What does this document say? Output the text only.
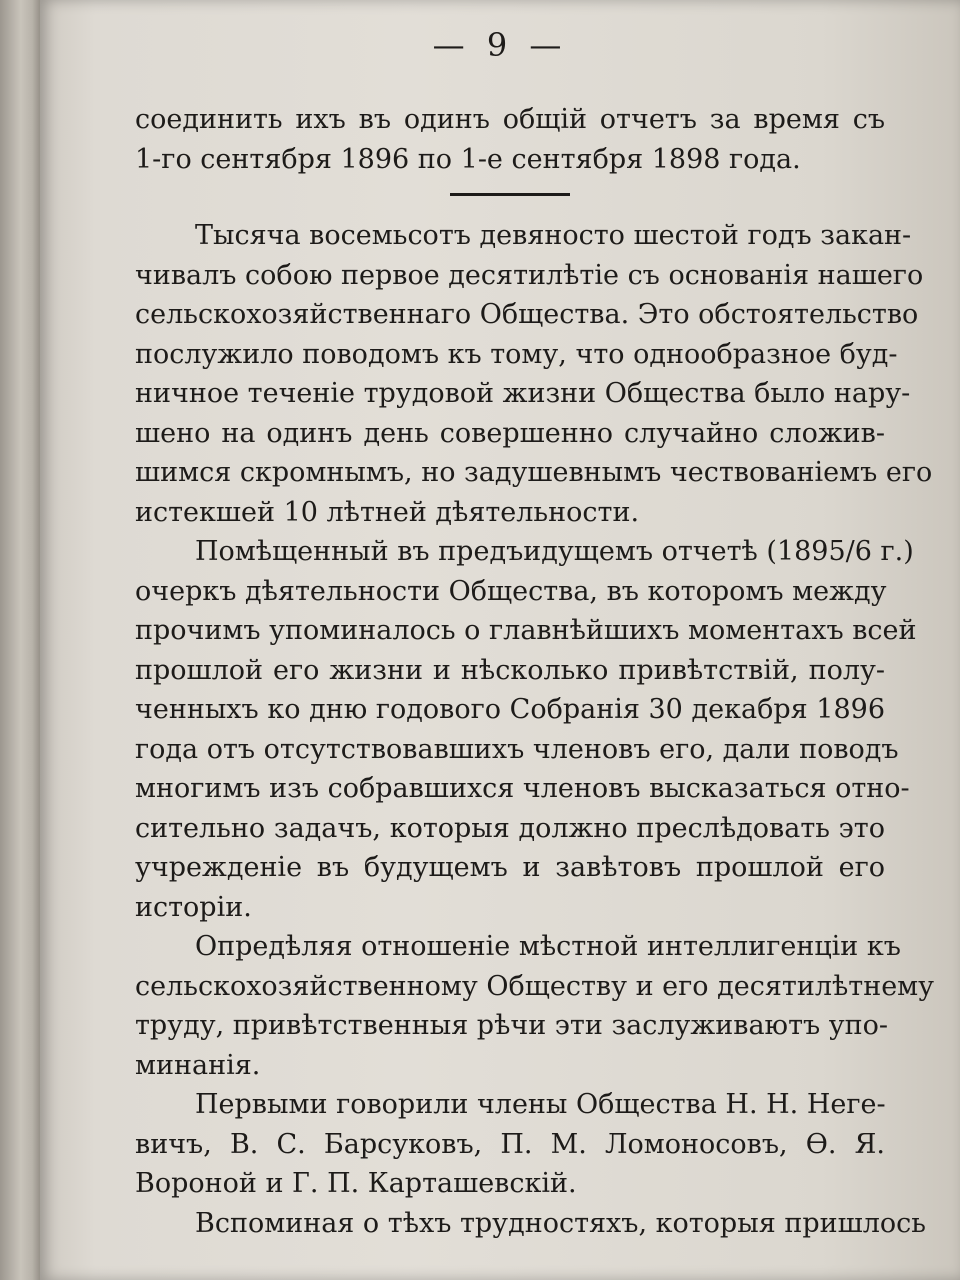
— 9 —
соединить ихъ въ одинъ общій отчетъ за время съ
1-го сентября 1896 по 1-е сентября 1898 года.
Тысяча восемьсотъ девяносто шестой годъ закан-
чивалъ собою первое десятилѣтіе съ основанія нашего
сельскохозяйственнаго Общества. Это обстоятельство
послужило поводомъ къ тому, что однообразное буд-
ничное теченіе трудовой жизни Общества было нару-
шено на одинъ день совершенно случайно сложив-
шимся скромнымъ, но задушевнымъ чествованіемъ его
истекшей 10 лѣтней дѣятельности.
Помѣщенный въ предъидущемъ отчетѣ (1895/6 г.)
очеркъ дѣятельности Общества, въ которомъ между
прочимъ упоминалось о главнѣйшихъ моментахъ всей
прошлой его жизни и нѣсколько привѣтствій, полу-
ченныхъ ко дню годового Собранія 30 декабря 1896
года отъ отсутствовавшихъ членовъ его, дали поводъ
многимъ изъ собравшихся членовъ высказаться отно-
сительно задачъ, которыя должно преслѣдовать это
учрежденіе въ будущемъ и завѣтовъ прошлой его
исторіи.
Опредѣляя отношеніе мѣстной интеллигенціи къ
сельскохозяйственному Обществу и его десятилѣтнему
труду, привѣтственныя рѣчи эти заслуживаютъ упо-
минанія.
Первыми говорили члены Общества Н. Н. Неге-
вичъ, В. С. Барсуковъ, П. М. Ломоносовъ, Ѳ. Я.
Вороной и Г. П. Карташевскій.
Вспоминая о тѣхъ трудностяхъ, которыя пришлось
